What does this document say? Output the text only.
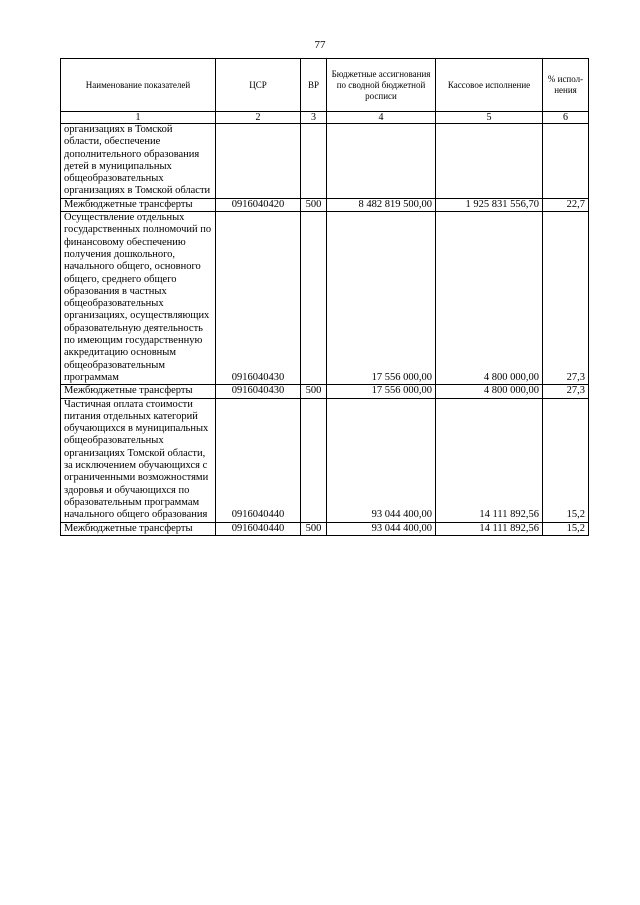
77
Наименование показателей	ЦСР	ВР	Бюджетные ассигнования по сводной бюджетной росписи	Кассовое исполнение	% испол-нения
1	2	3	4	5	6
организациях в Томской области, обеспечение дополнительного образования детей в муниципальных общеобразовательных организациях в Томской области					
Межбюджетные трансферты	0916040420	500	8 482 819 500,00	1 925 831 556,70	22,7
Осуществление отдельных государственных полномочий по финансовому обеспечению получения дошкольного, начального общего, основного общего, среднего общего образования в частных общеобразовательных организациях, осуществляющих образовательную деятельность по имеющим государственную аккредитацию основным общеобразовательным программам	0916040430		17 556 000,00	4 800 000,00	27,3
Межбюджетные трансферты	0916040430	500	17 556 000,00	4 800 000,00	27,3
Частичная оплата стоимости питания отдельных категорий обучающихся в муниципальных общеобразовательных организациях Томской области, за исключением обучающихся с ограниченными возможностями здоровья и обучающихся по образовательным программам начального общего образования	0916040440		93 044 400,00	14 111 892,56	15,2
Межбюджетные трансферты	0916040440	500	93 044 400,00	14 111 892,56	15,2
